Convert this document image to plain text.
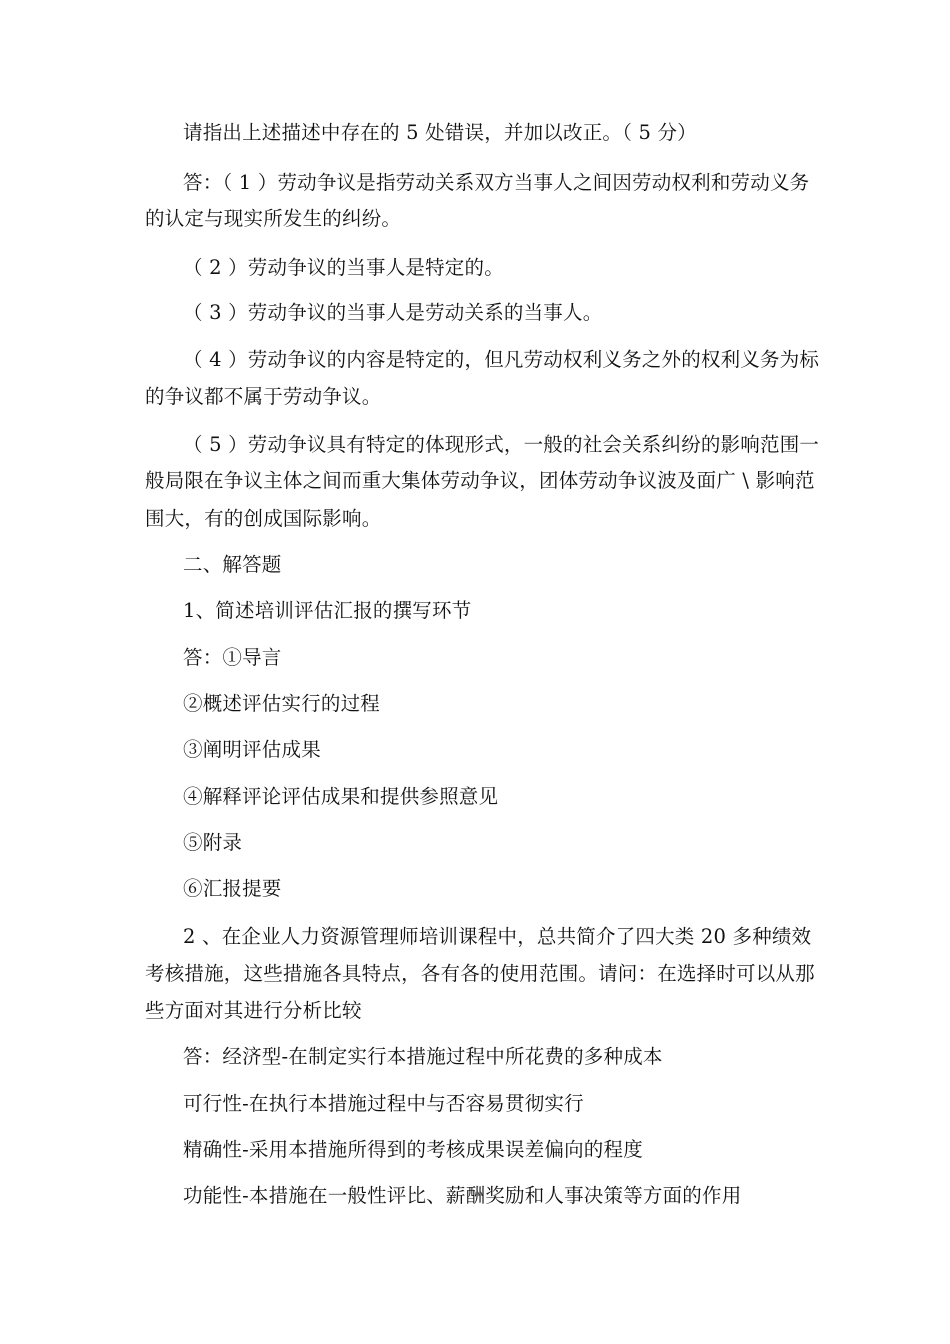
请指出上述描述中存在的 5 处错误，并加以改正。（ 5 分）
答：（ 1 ）劳动争议是指劳动关系双方当事人之间因劳动权利和劳动义务
的认定与现实所发生的纠纷。
（ 2 ）劳动争议的当事人是特定的。
（ 3 ）劳动争议的当事人是劳动关系的当事人。
（ 4 ）劳动争议的内容是特定的，但凡劳动权利义务之外的权利义务为标
的争议都不属于劳动争议。
（ 5 ）劳动争议具有特定的体现形式，一般的社会关系纠纷的影响范围一
般局限在争议主体之间而重大集体劳动争议，团体劳动争议波及面广 \ 影响范
围大，有的创成国际影响。
二、解答题
1、简述培训评估汇报的撰写环节
答：①导言
②概述评估实行的过程
③阐明评估成果
④解释评论评估成果和提供参照意见
⑤附录
⑥汇报提要
2 、在企业人力资源管理师培训课程中，总共简介了四大类 20 多种绩效
考核措施，这些措施各具特点，各有各的使用范围。请问：在选择时可以从那
些方面对其进行分析比较
答：经济型-在制定实行本措施过程中所花费的多种成本
可行性-在执行本措施过程中与否容易贯彻实行
精确性-采用本措施所得到的考核成果误差偏向的程度
功能性-本措施在一般性评比、薪酬奖励和人事决策等方面的作用
